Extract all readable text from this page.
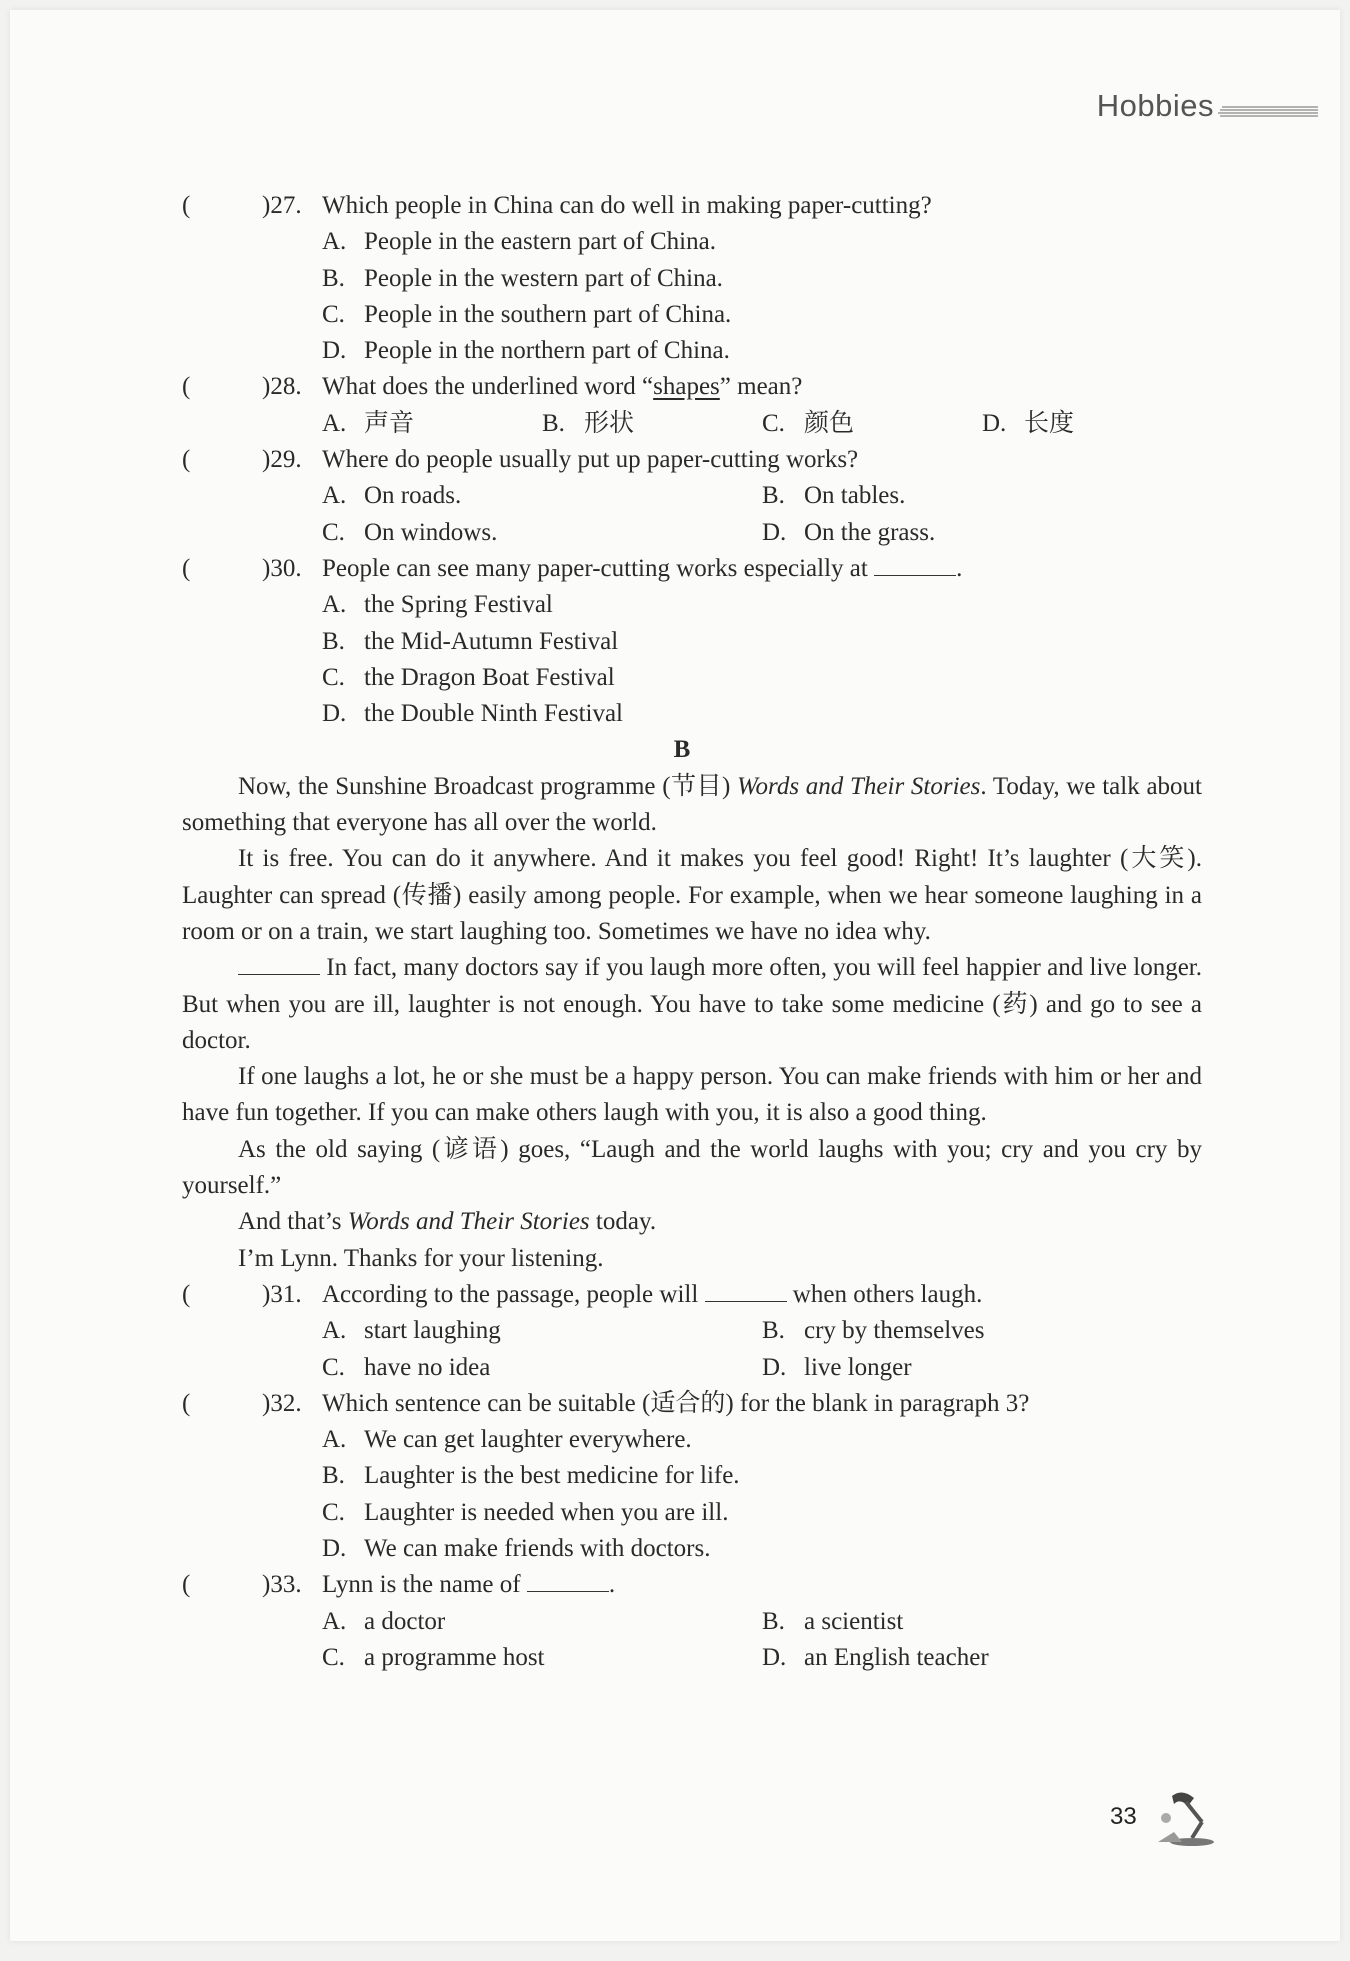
Hobbies
(	)27. Which people in China can do well in making paper-cutting?
A. People in the eastern part of China.
B. People in the western part of China.
C. People in the southern part of China.
D. People in the northern part of China.
(	)28. What does the underlined word “shapes” mean?
A. 声音	B. 形状	C. 颜色	D. 长度
(	)29. Where do people usually put up paper-cutting works?
A. On roads.	B. On tables.
C. On windows.	D. On the grass.
(	)30. People can see many paper-cutting works especially at	.
A. the Spring Festival
B. the Mid-Autumn Festival
C. the Dragon Boat Festival
D. the Double Ninth Festival
B
Now, the Sunshine Broadcast programme (节目) Words and Their Stories. Today, we talk about something that everyone has all over the world.
It is free. You can do it anywhere. And it makes you feel good! Right! It’s laughter (大笑). Laughter can spread (传播) easily among people. For example, when we hear someone laughing in a room or on a train, we start laughing too. Sometimes we have no idea why.
In fact, many doctors say if you laugh more often, you will feel happier and live longer. But when you are ill, laughter is not enough. You have to take some medicine (药) and go to see a doctor.
If one laughs a lot, he or she must be a happy person. You can make friends with him or her and have fun together. If you can make others laugh with you, it is also a good thing.
As the old saying (谚语) goes, “Laugh and the world laughs with you; cry and you cry by yourself.”
And that’s Words and Their Stories today.
I’m Lynn. Thanks for your listening.
(	)31. According to the passage, people will	when others laugh.
A. start laughing	B. cry by themselves
C. have no idea	D. live longer
(	)32. Which sentence can be suitable (适合的) for the blank in paragraph 3?
A. We can get laughter everywhere.
B. Laughter is the best medicine for life.
C. Laughter is needed when you are ill.
D. We can make friends with doctors.
(	)33. Lynn is the name of	.
A. a doctor	B. a scientist
C. a programme host	D. an English teacher
33
